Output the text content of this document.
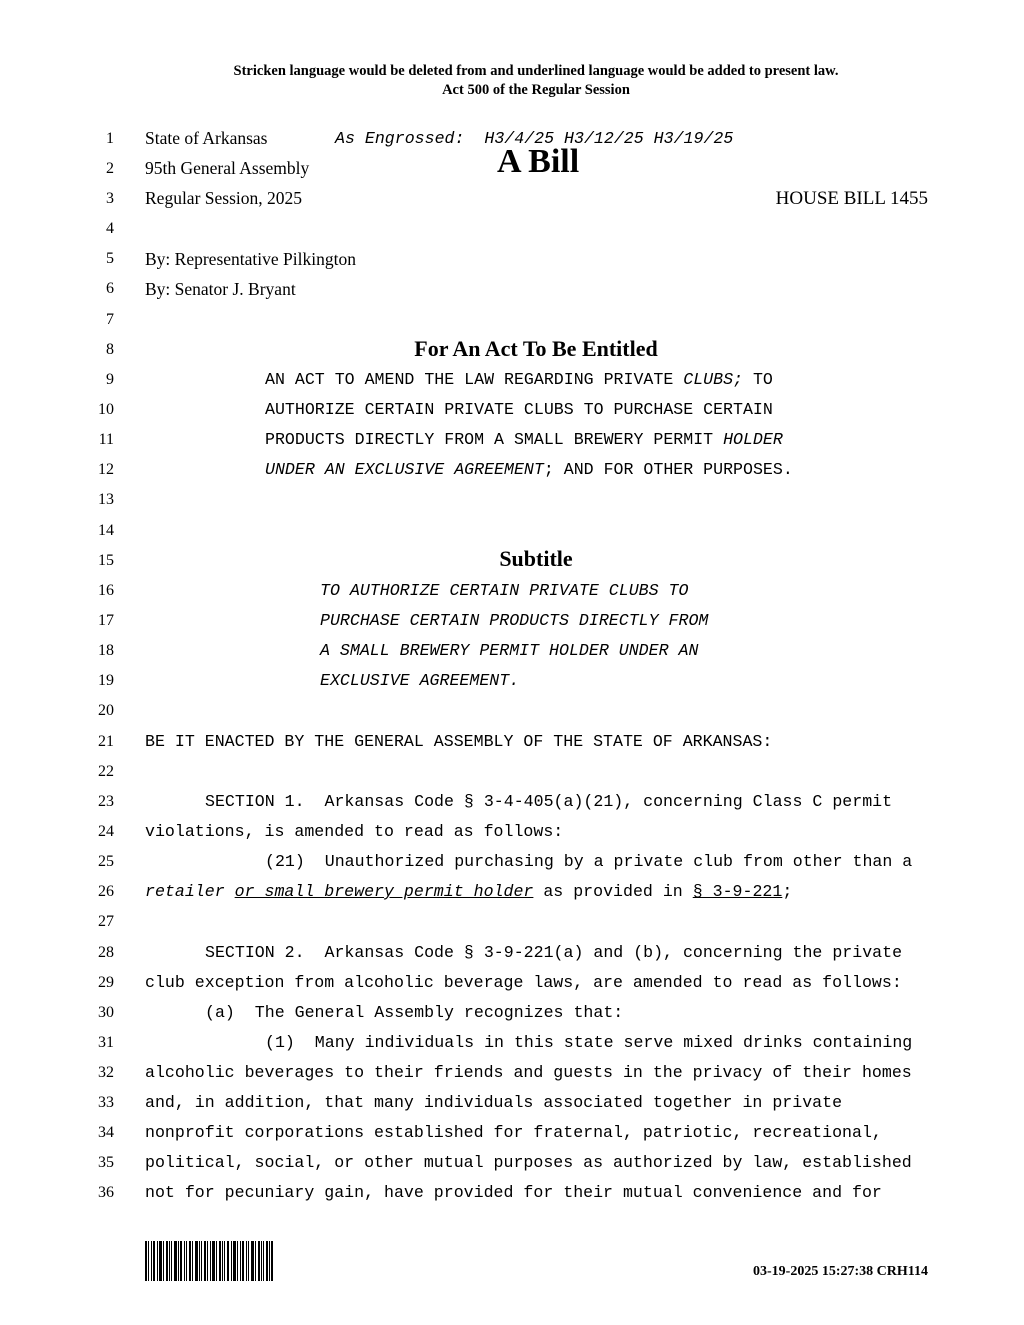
Stricken language would be deleted from and underlined language would be added to present law.
Act 500 of the Regular Session
1
2
3
4
5
6
7
8
9
10
11
12
13
14
15
16
17
18
19
20
21
22
23
24
25
26
27
28
29
30
31
32
33
34
35
36
State of Arkansas	As Engrossed:  H3/4/25 H3/12/25 H3/19/25
95th General Assembly	A Bill
Regular Session, 2025	HOUSE BILL 1455
By: Representative Pilkington
By: Senator J. Bryant
For An Act To Be Entitled
AN ACT TO AMEND THE LAW REGARDING PRIVATE CLUBS; TO
AUTHORIZE CERTAIN PRIVATE CLUBS TO PURCHASE CERTAIN
PRODUCTS DIRECTLY FROM A SMALL BREWERY PERMIT HOLDER
UNDER AN EXCLUSIVE AGREEMENT; AND FOR OTHER PURPOSES.
Subtitle
TO AUTHORIZE CERTAIN PRIVATE CLUBS TO
PURCHASE CERTAIN PRODUCTS DIRECTLY FROM
A SMALL BREWERY PERMIT HOLDER UNDER AN
EXCLUSIVE AGREEMENT.
BE IT ENACTED BY THE GENERAL ASSEMBLY OF THE STATE OF ARKANSAS:
SECTION 1.  Arkansas Code § 3-4-405(a)(21), concerning Class C permit
violations, is amended to read as follows:
(21)  Unauthorized purchasing by a private club from other than a
retailer or small brewery permit holder as provided in § 3-9-221;
SECTION 2.  Arkansas Code § 3-9-221(a) and (b), concerning the private
club exception from alcoholic beverage laws, are amended to read as follows:
(a)  The General Assembly recognizes that:
(1)  Many individuals in this state serve mixed drinks containing
alcoholic beverages to their friends and guests in the privacy of their homes
and, in addition, that many individuals associated together in private
nonprofit corporations established for fraternal, patriotic, recreational,
political, social, or other mutual purposes as authorized by law, established
not for pecuniary gain, have provided for their mutual convenience and for
03-19-2025 15:27:38 CRH114
